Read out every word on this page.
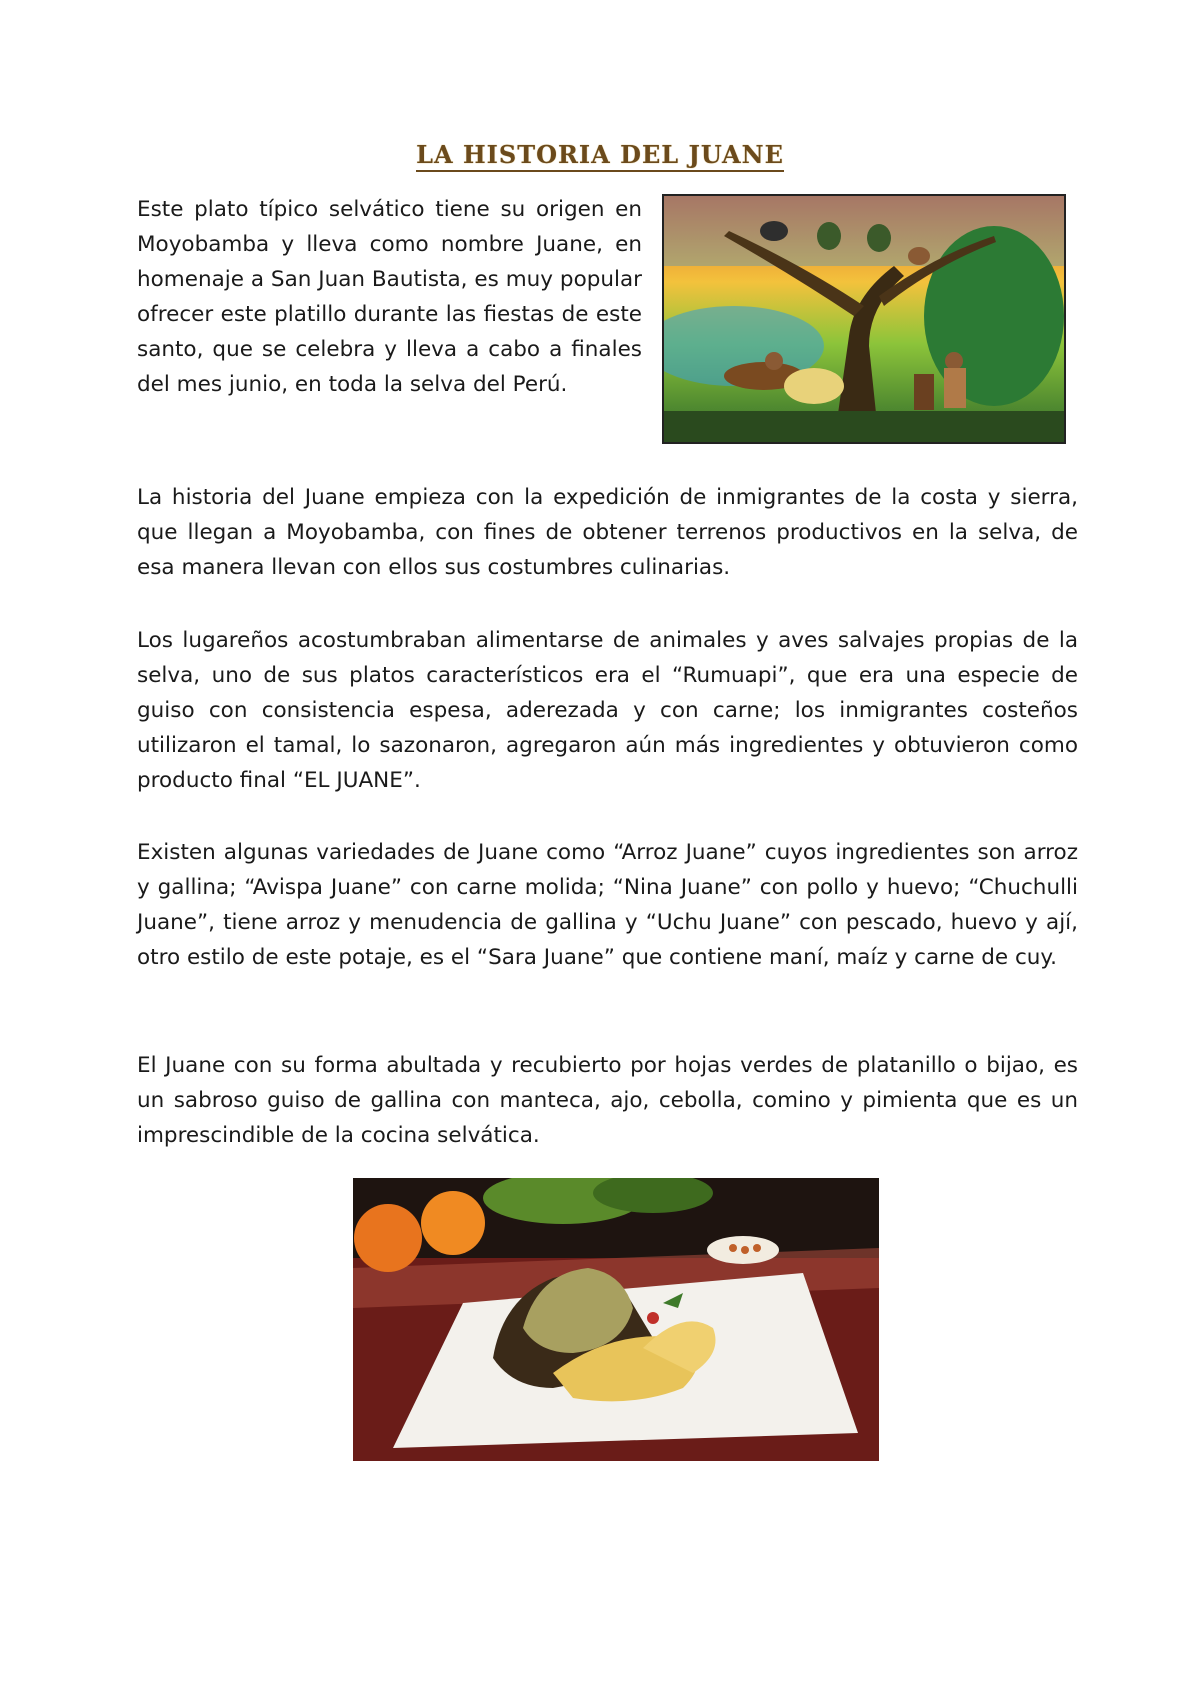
LA HISTORIA DEL JUANE

Este plato típico selvático tiene su origen en Moyobamba y lleva como nombre Juane, en homenaje a San Juan Bautista, es muy popular ofrecer este platillo durante las fiestas de este santo, que se celebra y lleva a cabo a finales del mes junio, en toda la selva del Perú.

La historia del Juane empieza con la expedición de inmigrantes de la costa y sierra, que llegan a Moyobamba, con fines de obtener terrenos productivos en la selva, de esa manera llevan con ellos sus costumbres culinarias.

Los lugareños acostumbraban alimentarse de animales y aves salvajes propias de la selva, uno de sus platos característicos era el “Rumuapi”, que era una especie de guiso con consistencia espesa, aderezada y con carne; los inmigrantes costeños utilizaron el tamal, lo sazonaron, agregaron aún más ingredientes y obtuvieron como producto final “EL JUANE”.

Existen algunas variedades de Juane como “Arroz Juane” cuyos ingredientes son arroz y gallina; “Avispa Juane” con carne molida; “Nina Juane” con pollo y huevo; “Chuchulli Juane”, tiene arroz y menudencia de gallina y “Uchu Juane” con pescado, huevo y ají, otro estilo de este potaje, es el “Sara Juane” que contiene maní, maíz y carne de cuy.

El Juane con su forma abultada y recubierto por hojas verdes de platanillo o bijao, es un sabroso guiso de gallina con manteca, ajo, cebolla, comino y pimienta que es un imprescindible de la cocina selvática.
